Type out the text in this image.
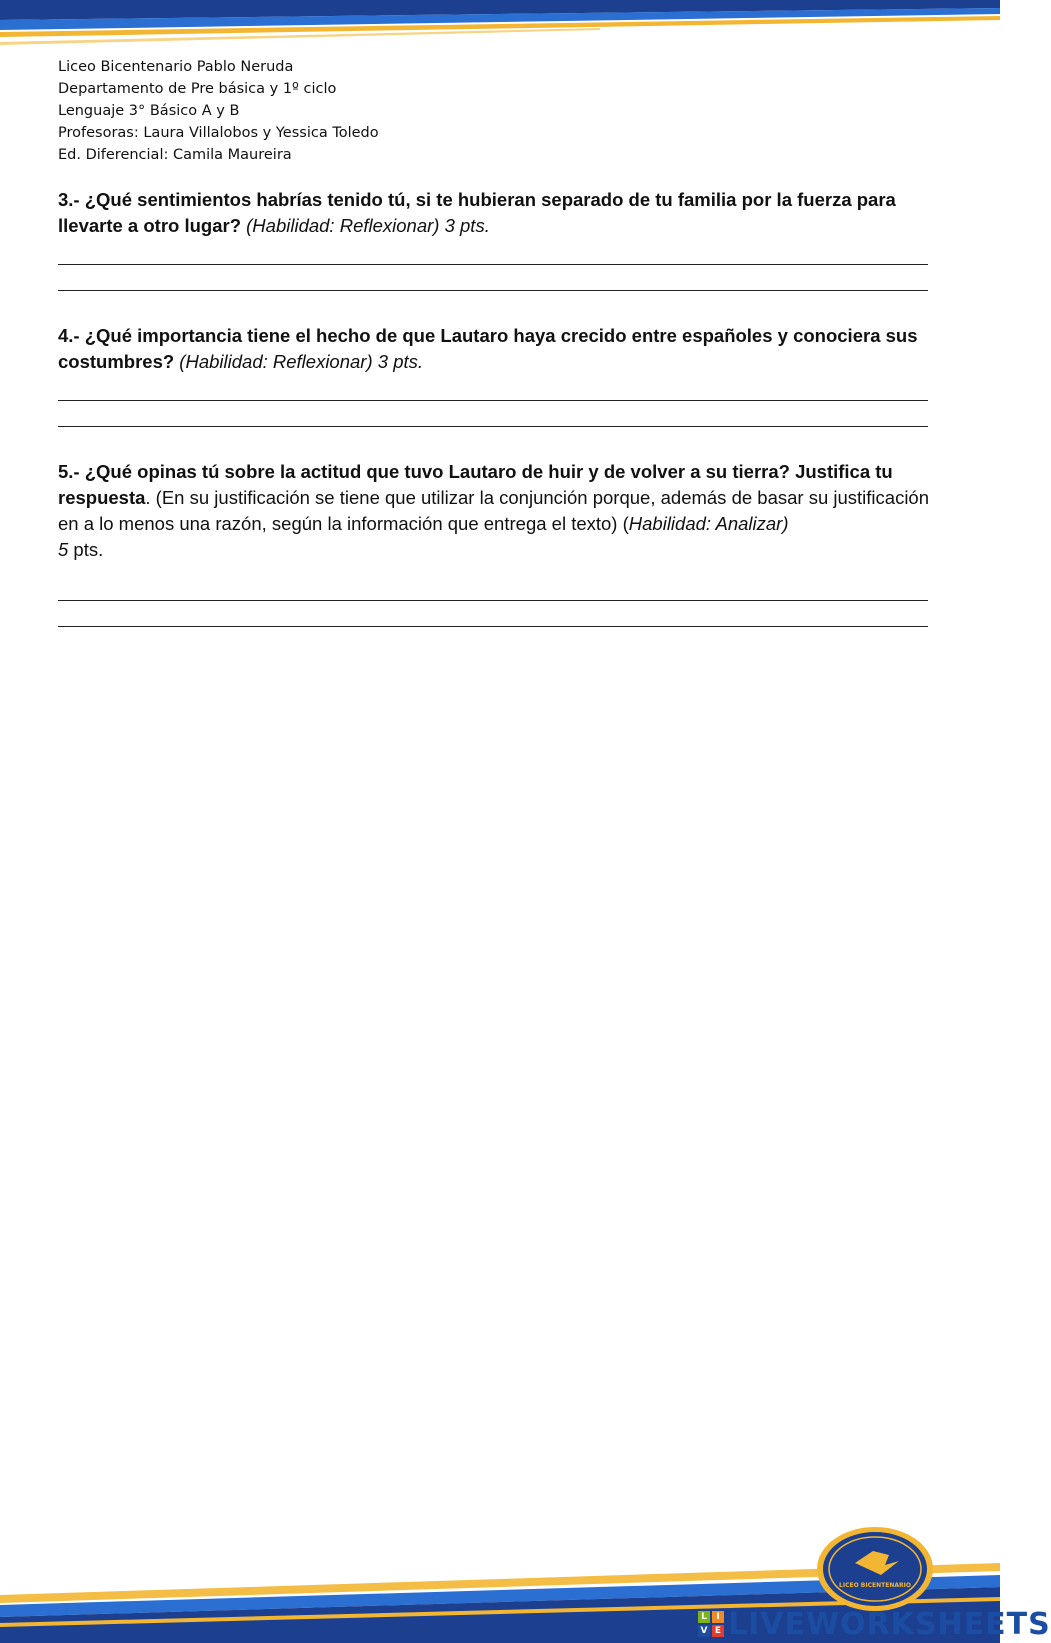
Liceo Bicentenario Pablo Neruda
Departamento de Pre básica y 1º ciclo
Lenguaje 3° Básico A y B
Profesoras: Laura Villalobos y Yessica Toledo
Ed. Diferencial: Camila Maureira
3.- ¿Qué sentimientos habrías tenido tú, si te hubieran separado de tu familia por la fuerza para llevarte a otro lugar? (Habilidad: Reflexionar) 3 pts.
4.- ¿Qué importancia tiene el hecho de que Lautaro haya crecido entre españoles y conociera sus costumbres? (Habilidad: Reflexionar) 3 pts.
5.- ¿Qué opinas tú sobre la actitud que tuvo Lautaro de huir y de volver a su tierra? Justifica tu respuesta. (En su justificación se tiene que utilizar la conjunción porque, además de basar su justificación en a lo menos una razón, según la información que entrega el texto) (Habilidad: Analizar)
5 pts.
LICEO BICENTENARIO
L	I
V E LIVEWORKSHEETS
